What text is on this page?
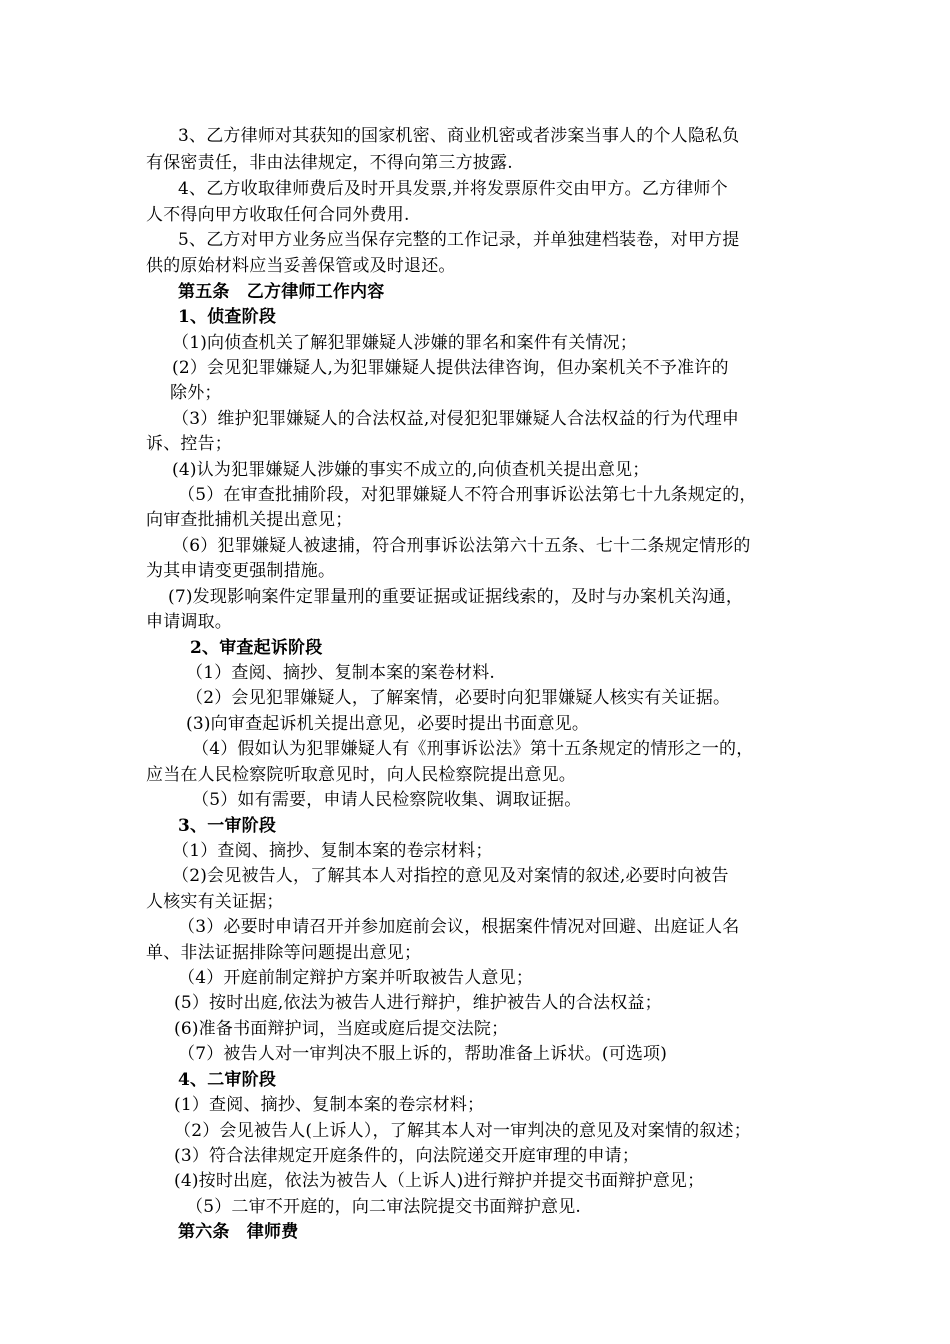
3、乙方律师对其获知的国家机密、商业机密或者涉案当事人的个人隐私负
有保密责任，非由法律规定，不得向第三方披露.
4、乙方收取律师费后及时开具发票,并将发票原件交由甲方。乙方律师个
人不得向甲方收取任何合同外费用.
5、乙方对甲方业务应当保存完整的工作记录，并单独建档装卷，对甲方提
供的原始材料应当妥善保管或及时退还。
第五条　乙方律师工作内容
1、侦查阶段
（1)向侦查机关了解犯罪嫌疑人涉嫌的罪名和案件有关情况；
(2）会见犯罪嫌疑人,为犯罪嫌疑人提供法律咨询，但办案机关不予准许的
除外；
（3）维护犯罪嫌疑人的合法权益,对侵犯犯罪嫌疑人合法权益的行为代理申
诉、控告；
(4)认为犯罪嫌疑人涉嫌的事实不成立的,向侦查机关提出意见；
（5）在审查批捕阶段，对犯罪嫌疑人不符合刑事诉讼法第七十九条规定的，
向审查批捕机关提出意见；
（6）犯罪嫌疑人被逮捕，符合刑事诉讼法第六十五条、七十二条规定情形的
为其申请变更强制措施。
(7)发现影响案件定罪量刑的重要证据或证据线索的，及时与办案机关沟通，
申请调取。
2、审查起诉阶段
（1）查阅、摘抄、复制本案的案卷材料.
（2）会见犯罪嫌疑人，了解案情，必要时向犯罪嫌疑人核实有关证据。
(3)向审查起诉机关提出意见，必要时提出书面意见。
（4）假如认为犯罪嫌疑人有《刑事诉讼法》第十五条规定的情形之一的，
应当在人民检察院听取意见时，向人民检察院提出意见。
（5）如有需要，申请人民检察院收集、调取证据。
3、一审阶段
（1）查阅、摘抄、复制本案的卷宗材料；
（2)会见被告人，了解其本人对指控的意见及对案情的叙述,必要时向被告
人核实有关证据；
（3）必要时申请召开并参加庭前会议，根据案件情况对回避、出庭证人名
单、非法证据排除等问题提出意见；
（4）开庭前制定辩护方案并听取被告人意见；
(5）按时出庭,依法为被告人进行辩护，维护被告人的合法权益；
(6)准备书面辩护词，当庭或庭后提交法院；
（7）被告人对一审判决不服上诉的，帮助准备上诉状。(可选项)
4、二审阶段
(1）查阅、摘抄、复制本案的卷宗材料；
（2）会见被告人(上诉人），了解其本人对一审判决的意见及对案情的叙述；
(3）符合法律规定开庭条件的，向法院递交开庭审理的申请；
(4)按时出庭，依法为被告人（上诉人)进行辩护并提交书面辩护意见；
（5）二审不开庭的，向二审法院提交书面辩护意见.
第六条　律师费
